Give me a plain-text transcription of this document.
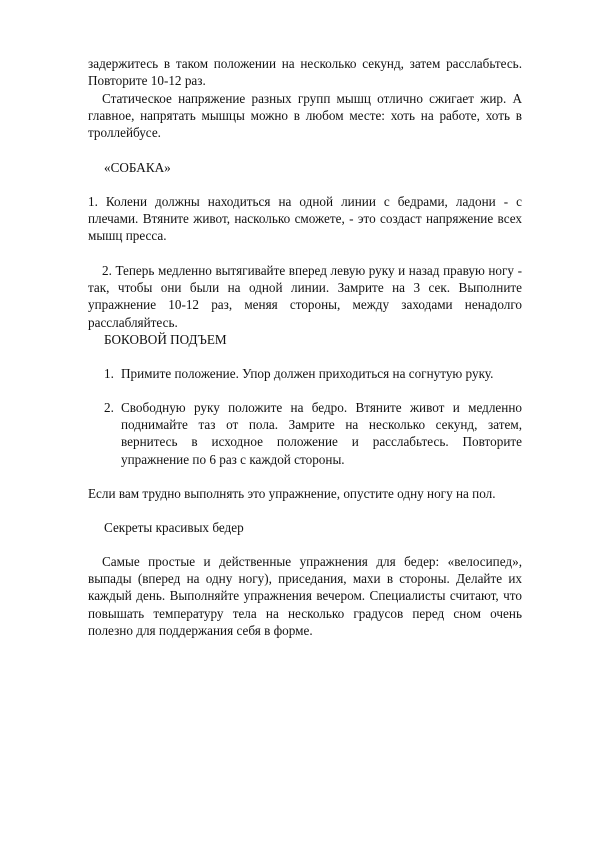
задержитесь в таком положении на несколько секунд, затем расслабьтесь. Повторите 10-12 раз.

Статическое напряжение разных групп мышц отлично сжигает жир. А главное, напрятать мышцы можно в любом месте: хоть на работе, хоть в троллейбусе.

«СОБАКА»

1. Колени должны находиться на одной линии с бедрами, ладони - с плечами. Втяните живот, насколько сможете, - это создаст напряжение всех мышц пресса.

2. Теперь медленно вытягивайте вперед левую руку и назад правую ногу - так, чтобы они были на одной линии. Замрите на 3 сек. Выполните упражнение 10-12 раз, меняя стороны, между заходами ненадолго расслабляйтесь.

БОКОВОЙ ПОДЪЕМ

1. Примите положение. Упор должен приходиться на согнутую руку.
2. Свободную руку положите на бедро. Втяните живот и медленно поднимайте таз от пола. Замрите на несколько секунд, затем, вернитесь в исходное положение и расслабьтесь. Повторите упражнение по 6 раз с каждой стороны.

Если вам трудно выполнять это упражнение, опустите одну ногу на пол.

Секреты красивых бедер

Самые простые и действенные упражнения для бедер: «велосипед», выпады (вперед на одну ногу), приседания, махи в стороны. Делайте их каждый день. Выполняйте упражнения вечером. Специалисты считают, что повышать температуру тела на несколько градусов перед сном очень полезно для поддержания себя в форме.
